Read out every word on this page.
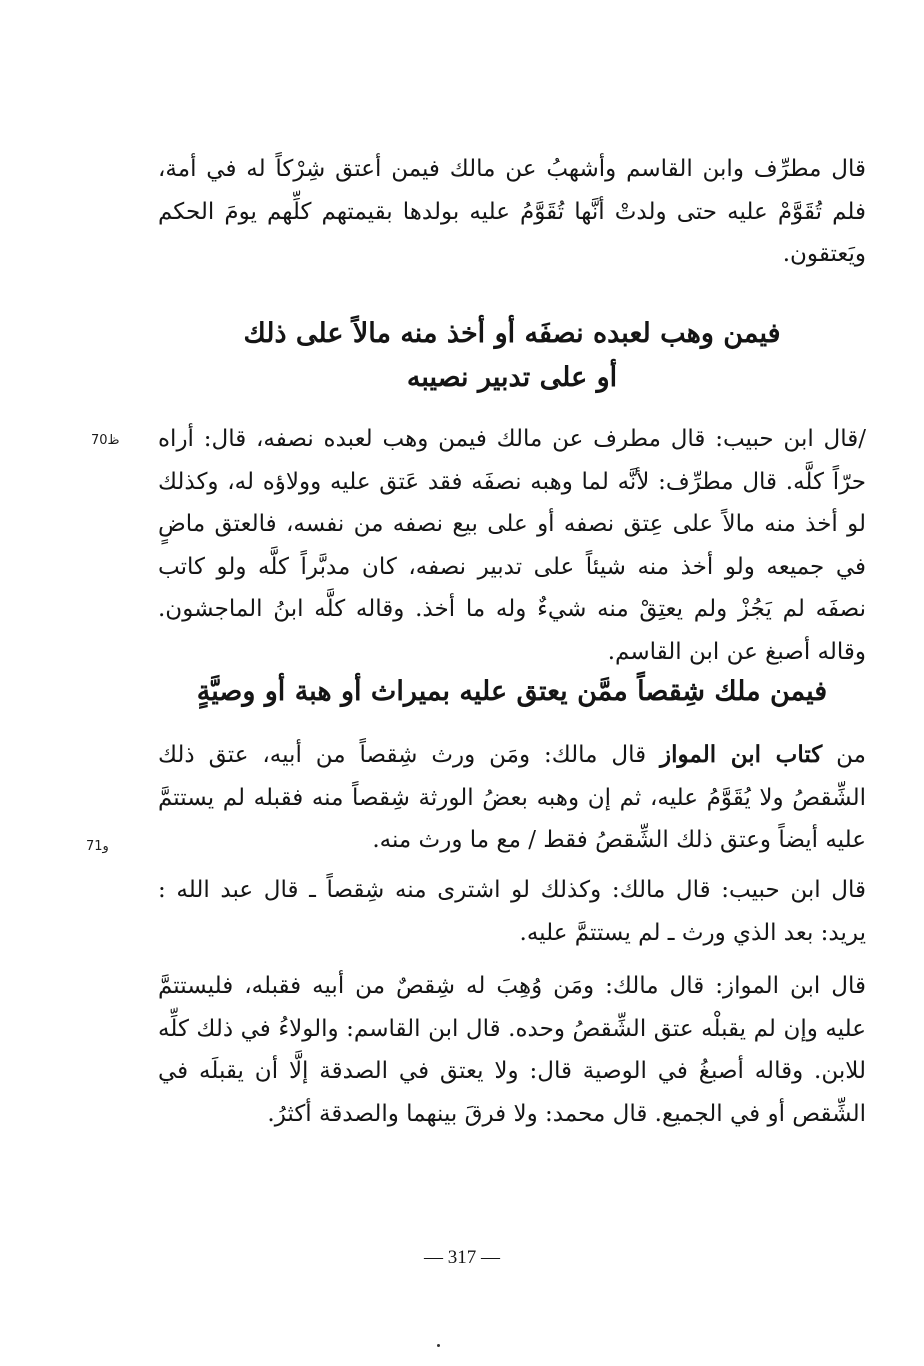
قال مطرِّف وابن القاسم وأشهبُ عن مالك فيمن أعتق شِرْكاً له في أمة، فلم تُقَوَّمْ عليه حتى ولدتْ أنَّها تُقَوَّمُ عليه بولدها بقيمتهم كلِّهم يومَ الحكم ويَعتقون.
فيمن وهب لعبده نصفَه أو أخذ منه مالاً على ذلك
أو على تدبير نصيبه
ظ70 /قال ابن حبيب: قال مطرف عن مالك فيمن وهب لعبده نصفه، قال: أراه حرّاً كلَّه. قال مطرِّف: لأنَّه لما وهبه نصفَه فقد عَتق عليه وولاؤه له، وكذلك لو أخذ منه مالاً على عِتق نصفه أو على بيع نصفه من نفسه، فالعتق ماضٍ في جميعه ولو أخذ منه شيئاً على تدبير نصفه، كان مدبَّراً كلَّه ولو كاتب نصفَه لم يَجُزْ ولم يعتِقْ منه شيءٌ وله ما أخذ. وقاله كلَّه ابنُ الماجشون. وقاله أصبغ عن ابن القاسم.
فيمن ملك شِقصاً ممَّن يعتق عليه بميراث أو هبة أو وصيَّةٍ
و71
من كتاب ابن المواز قال مالك: ومَن ورث شِقصاً من أبيه، عتق ذلك الشِّقصُ ولا يُقَوَّمُ عليه، ثم إن وهبه بعضُ الورثة شِقصاً منه فقبله لم يستتمَّ عليه أيضاً وعتق ذلك الشِّقصُ فقط / مع ما ورث منه.
قال ابن حبيب: قال مالك: وكذلك لو اشترى منه شِقصاً ـ قال عبد الله : يريد: بعد الذي ورث ـ لم يستتمَّ عليه.
قال ابن المواز: قال مالك: ومَن وُهِبَ له شِقصٌ من أبيه فقبله، فليستتمَّ عليه وإن لم يقبلْه عتق الشِّقصُ وحده. قال ابن القاسم: والولاءُ في ذلك كلِّه للابن. وقاله أصبغُ في الوصية قال: ولا يعتق في الصدقة إلَّا أن يقبلَه في الشِّقص أو في الجميع. قال محمد: ولا فرقَ بينهما والصدقة أكثرُ.
— 317 —
